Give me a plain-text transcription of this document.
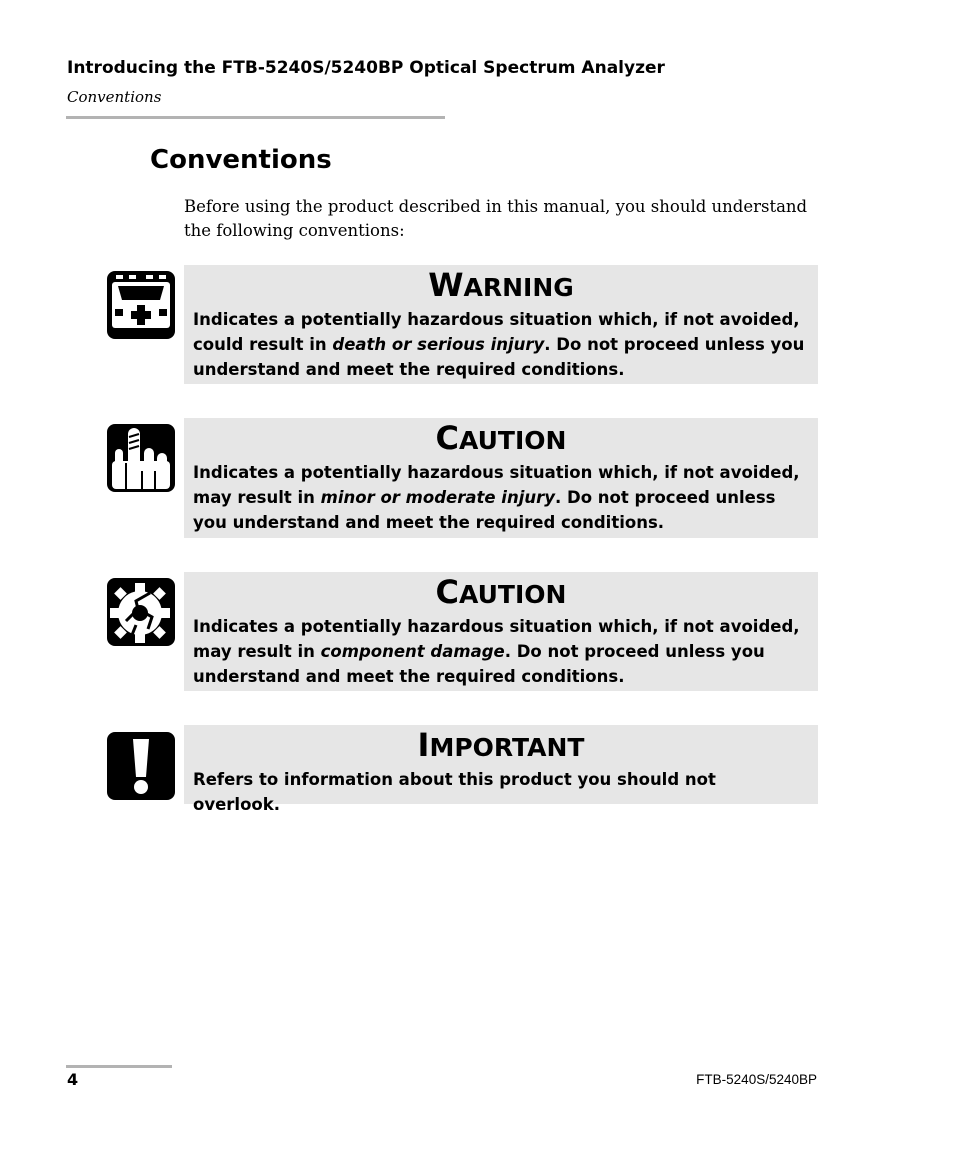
Introducing the FTB-5240S/5240BP Optical Spectrum Analyzer
Conventions
Conventions
Before using the product described in this manual, you should understand the following conventions:
WARNING
Indicates a potentially hazardous situation which, if not avoided, could result in death or serious injury. Do not proceed unless you understand and meet the required conditions.
CAUTION
Indicates a potentially hazardous situation which, if not avoided, may result in minor or moderate injury. Do not proceed unless you understand and meet the required conditions.
CAUTION
Indicates a potentially hazardous situation which, if not avoided, may result in component damage. Do not proceed unless you understand and meet the required conditions.
IMPORTANT
Refers to information about this product you should not overlook.
4	FTB-5240S/5240BP
